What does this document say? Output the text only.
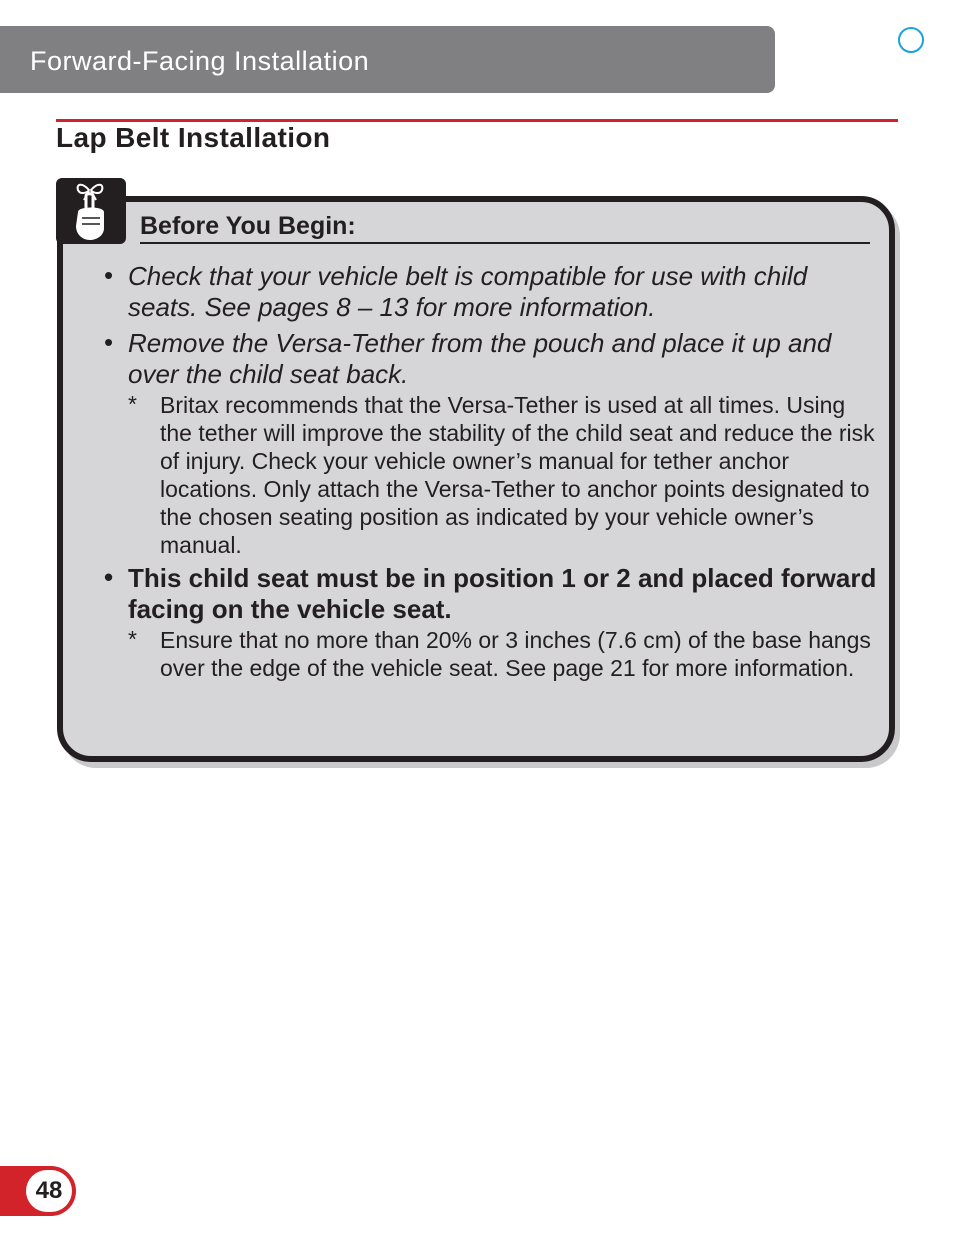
Forward-Facing Installation
Lap Belt Installation
Before You Begin:
• Check that your vehicle belt is compatible for use with child seats. See pages 8 – 13 for more information.
• Remove the Versa-Tether from the pouch and place it up and over the child seat back.
* Britax recommends that the Versa-Tether is used at all times. Using the tether will improve the stability of the child seat and reduce the risk of injury. Check your vehicle owner’s manual for tether anchor locations. Only attach the Versa-Tether to anchor points designated to the chosen seating position as indicated by your vehicle owner’s manual.
• This child seat must be in position 1 or 2 and placed forward facing on the vehicle seat.
* Ensure that no more than 20% or 3 inches (7.6 cm) of the base hangs over the edge of the vehicle seat. See page 21 for more information.
48
